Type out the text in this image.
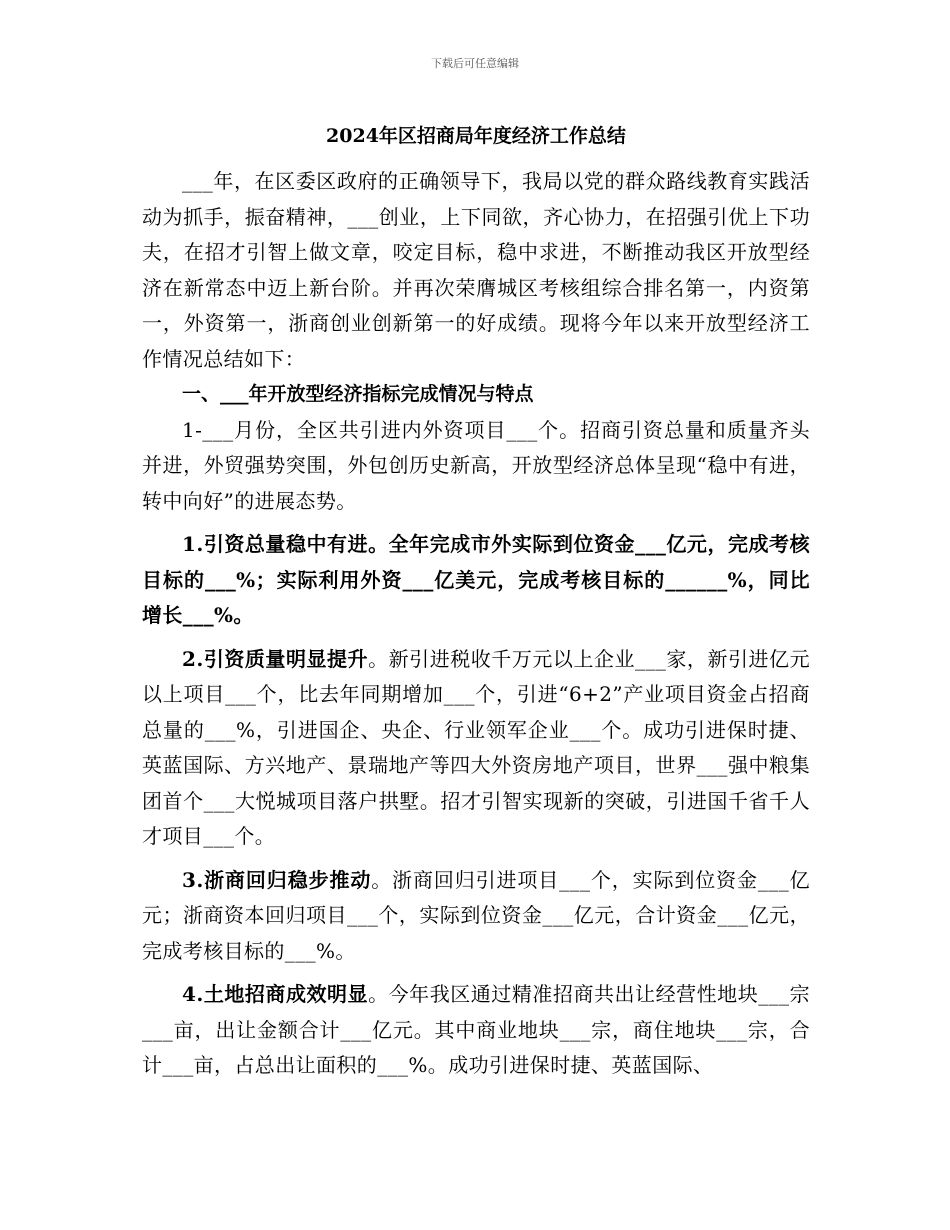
下载后可任意编辑
2024年区招商局年度经济工作总结

___年，在区委区政府的正确领导下，我局以党的群众路线教育实践活动为抓手，振奋精神，___创业，上下同欲，齐心协力，在招强引优上下功夫，在招才引智上做文章，咬定目标，稳中求进，不断推动我区开放型经济在新常态中迈上新台阶。并再次荣膺城区考核组综合排名第一，内资第一，外资第一，浙商创业创新第一的好成绩。现将今年以来开放型经济工作情况总结如下：

一、___年开放型经济指标完成情况与特点

1-___月份，全区共引进内外资项目___个。招商引资总量和质量齐头并进，外贸强势突围，外包创历史新高，开放型经济总体呈现“稳中有进，转中向好”的进展态势。

1.引资总量稳中有进。全年完成市外实际到位资金___亿元，完成考核目标的___%；实际利用外资___亿美元，完成考核目标的______%，同比增长___%。

2.引资质量明显提升。新引进税收千万元以上企业___家，新引进亿元以上项目___个，比去年同期增加___个，引进“6+2”产业项目资金占招商总量的___%，引进国企、央企、行业领军企业___个。成功引进保时捷、英蓝国际、方兴地产、景瑞地产等四大外资房地产项目，世界___强中粮集团首个___大悦城项目落户拱墅。招才引智实现新的突破，引进国千省千人才项目___个。

3.浙商回归稳步推动。浙商回归引进项目___个，实际到位资金___亿元；浙商资本回归项目___个，实际到位资金___亿元，合计资金___亿元，完成考核目标的___%。

4.土地招商成效明显。今年我区通过精准招商共出让经营性地块___宗___亩，出让金额合计___亿元。其中商业地块___宗，商住地块___宗，合计___亩，占总出让面积的___%。成功引进保时捷、英蓝国际、
